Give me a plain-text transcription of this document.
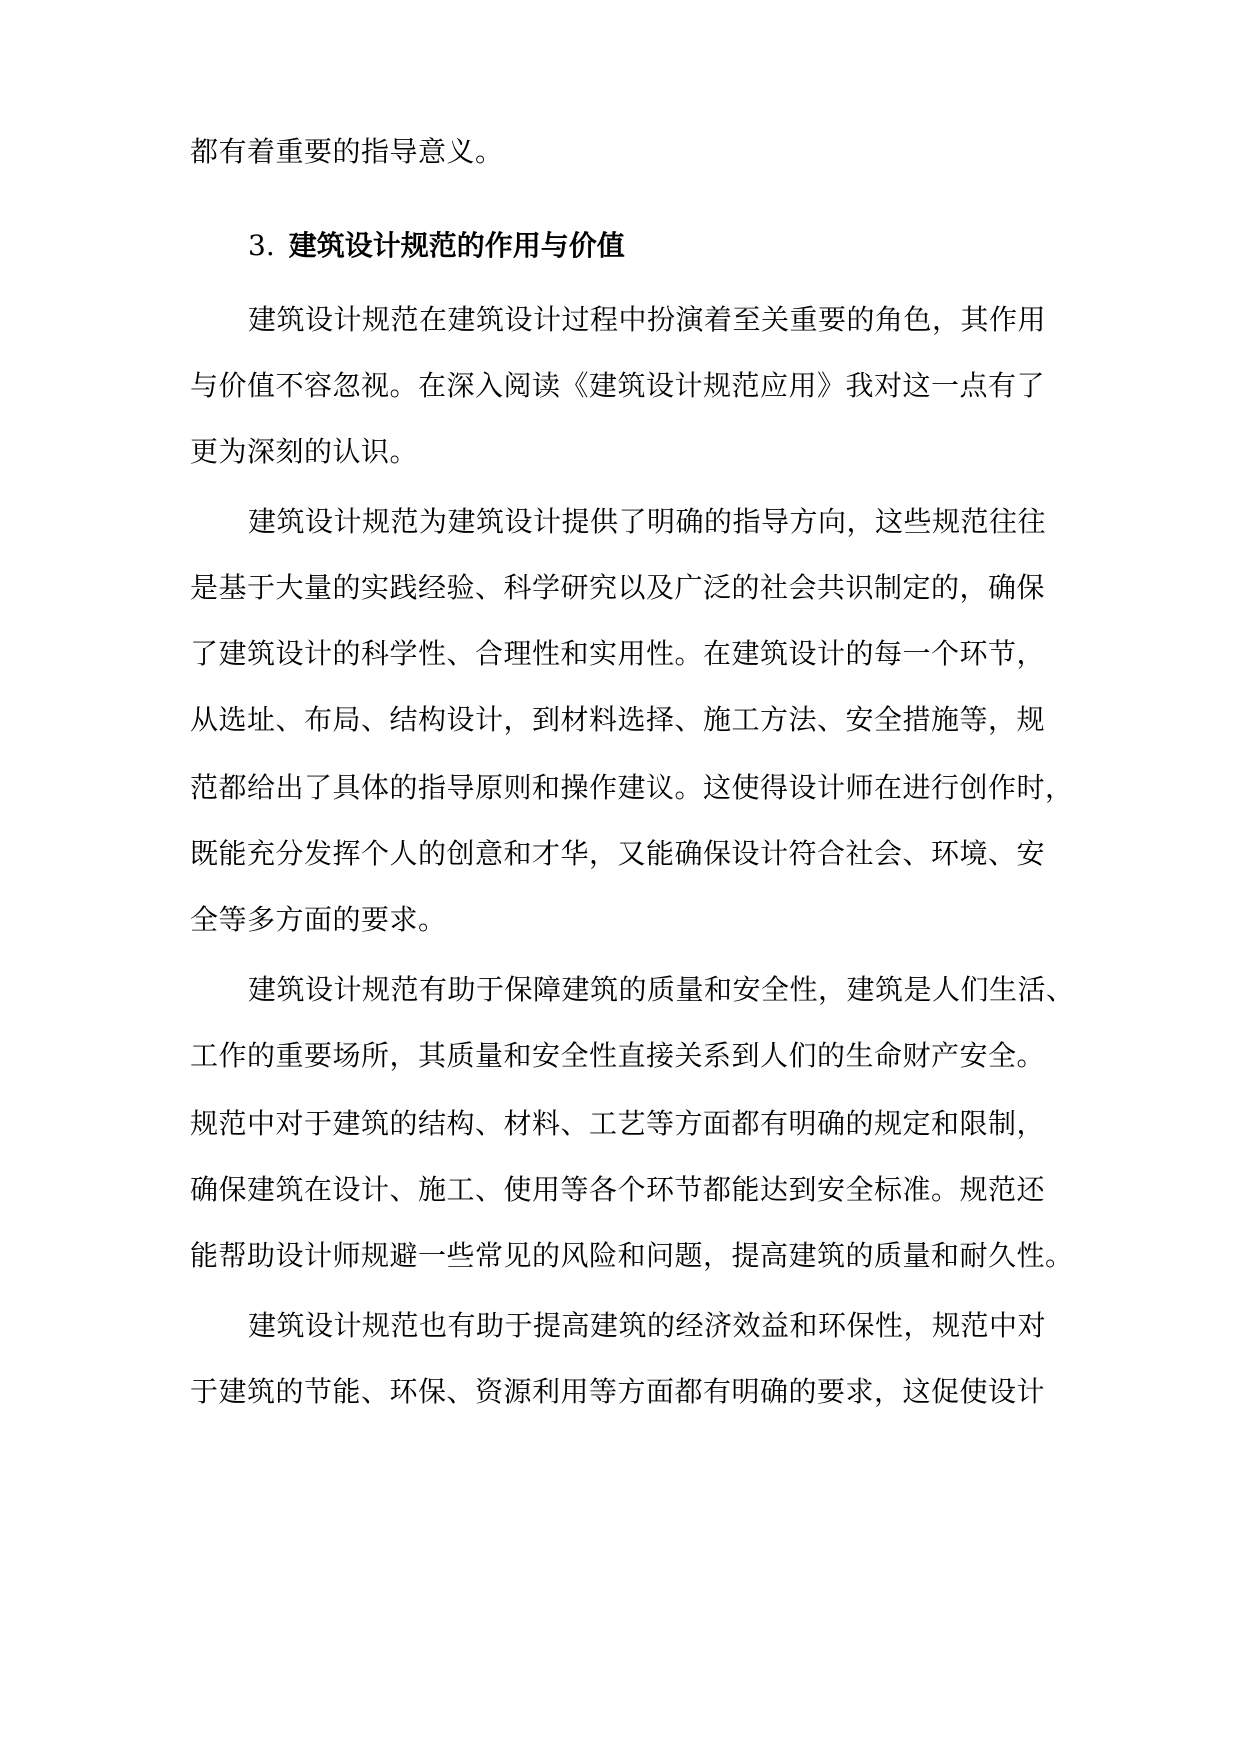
都有着重要的指导意义。
3. 建筑设计规范的作用与价值
建筑设计规范在建筑设计过程中扮演着至关重要的角色，其作用
与价值不容忽视。在深入阅读《建筑设计规范应用》我对这一点有了
更为深刻的认识。
建筑设计规范为建筑设计提供了明确的指导方向，这些规范往往
是基于大量的实践经验、科学研究以及广泛的社会共识制定的，确保
了建筑设计的科学性、合理性和实用性。在建筑设计的每一个环节，
从选址、布局、结构设计，到材料选择、施工方法、安全措施等，规
范都给出了具体的指导原则和操作建议。这使得设计师在进行创作时，
既能充分发挥个人的创意和才华，又能确保设计符合社会、环境、安
全等多方面的要求。
建筑设计规范有助于保障建筑的质量和安全性，建筑是人们生活、
工作的重要场所，其质量和安全性直接关系到人们的生命财产安全。
规范中对于建筑的结构、材料、工艺等方面都有明确的规定和限制，
确保建筑在设计、施工、使用等各个环节都能达到安全标准。规范还
能帮助设计师规避一些常见的风险和问题，提高建筑的质量和耐久性。
建筑设计规范也有助于提高建筑的经济效益和环保性，规范中对
于建筑的节能、环保、资源利用等方面都有明确的要求，这促使设计
